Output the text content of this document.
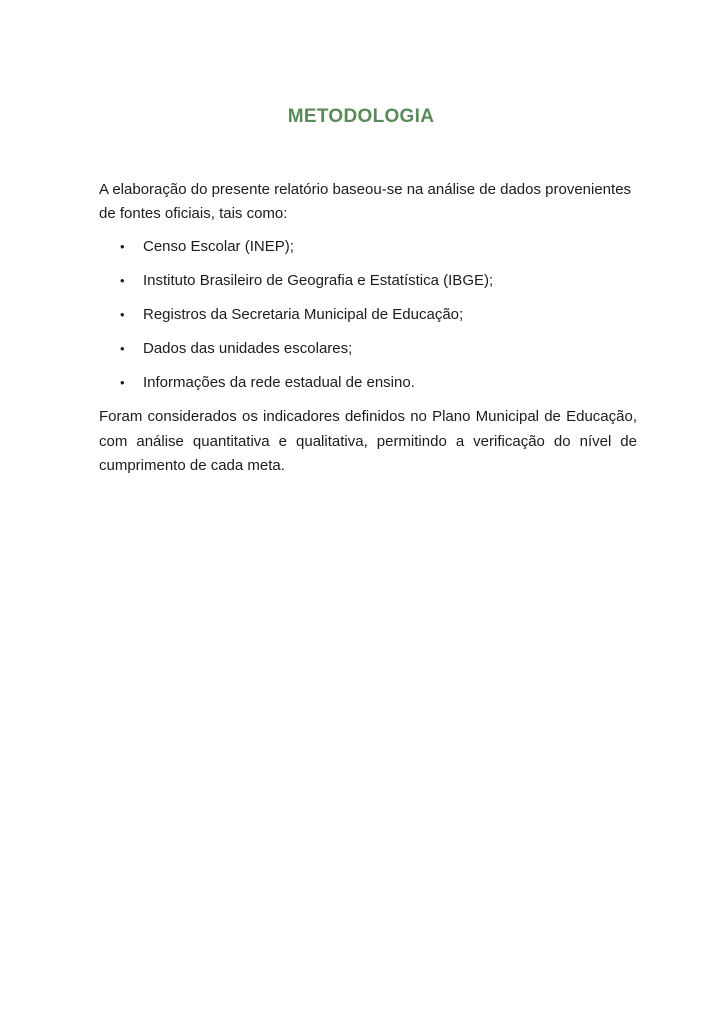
METODOLOGIA

A elaboração do presente relatório baseou-se na análise de dados provenientes de fontes oficiais, tais como:

• Censo Escolar (INEP);
• Instituto Brasileiro de Geografia e Estatística (IBGE);
• Registros da Secretaria Municipal de Educação;
• Dados das unidades escolares;
• Informações da rede estadual de ensino.

Foram considerados os indicadores definidos no Plano Municipal de Educação, com análise quantitativa e qualitativa, permitindo a verificação do nível de cumprimento de cada meta.
